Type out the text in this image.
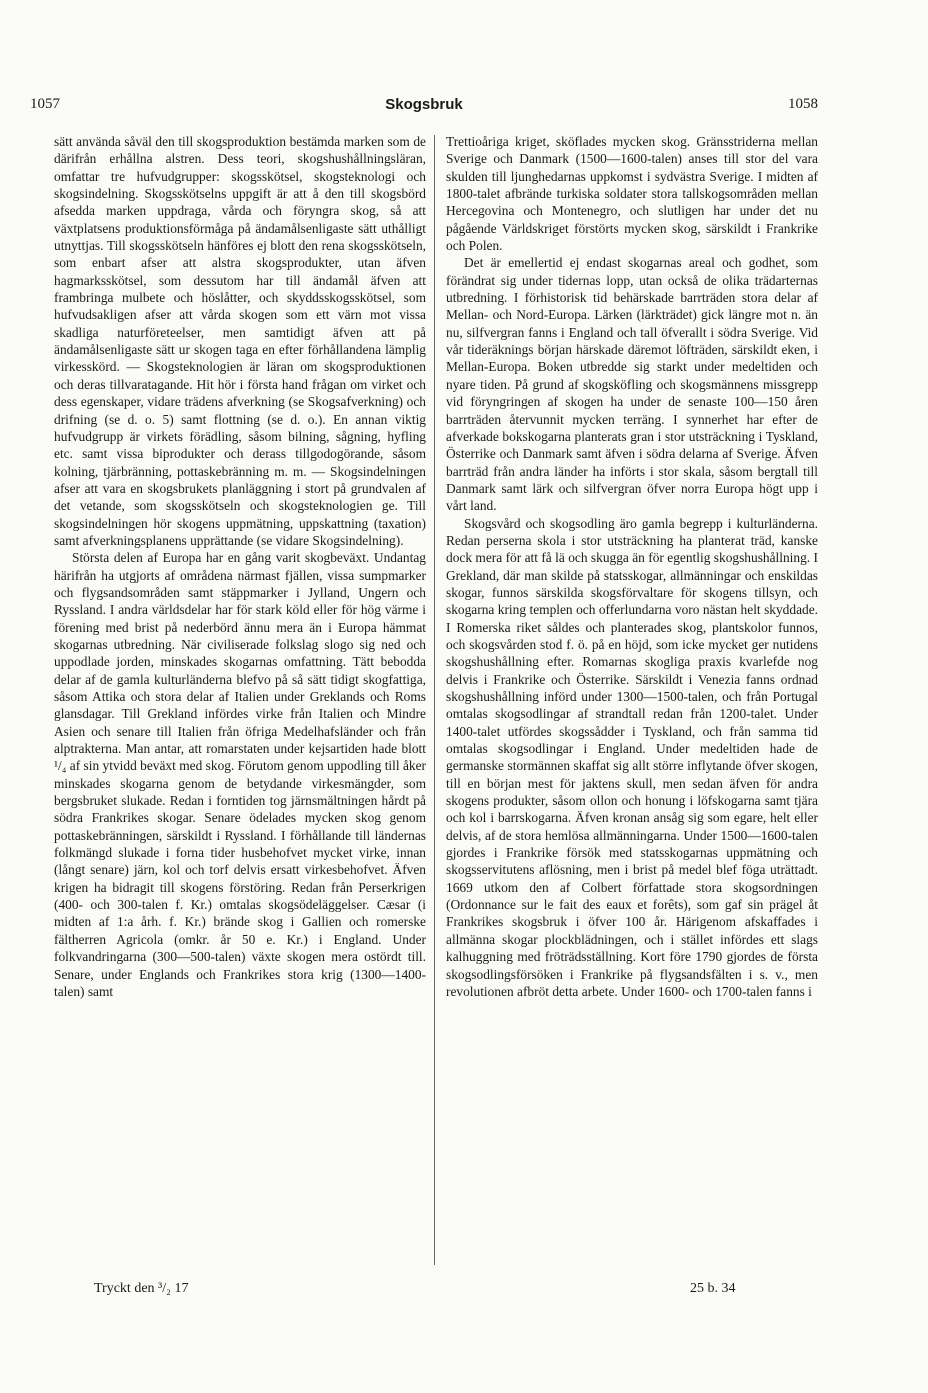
1057	Skogsbruk	1058

sätt använda såväl den till skogsproduktion bestämda marken som de därifrån erhållna alstren. Dess teori, skogshushållningsläran, omfattar tre hufvudgrupper: skogsskötsel, skogsteknologi och skogsindelning. Skogsskötselns uppgift är att å den till skogsbörd afsedda marken uppdraga, vårda och föryngra skog, så att växtplatsens produktionsförmåga på ändamålsenligaste sätt uthålligt utnyttjas. Till skogsskötseln hänföres ej blott den rena skogsskötseln, som enbart afser att alstra skogsprodukter, utan äfven hagmarksskötsel, som dessutom har till ändamål äfven att frambringa mulbete och höslåtter, och skyddsskogsskötsel, som hufvudsakligen afser att vårda skogen som ett värn mot vissa skadliga naturföreteelser, men samtidigt äfven att på ändamålsenligaste sätt ur skogen taga en efter förhållandena lämplig virkesskörd. — Skogsteknologien är läran om skogsproduktionen och deras tillvaratagande. Hit hör i första hand frågan om virket och dess egenskaper, vidare trädens afverkning (se Skogsafverkning) och drifning (se d. o. 5) samt flottning (se d. o.). En annan viktig hufvudgrupp är virkets förädling, såsom bilning, sågning, hyfling etc. samt vissa biprodukter och derass tillgodogörande, såsom kolning, tjärbränning, pottaskebränning m. m. — Skogsindelningen afser att vara en skogsbrukets planläggning i stort på grundvalen af det vetande, som skogsskötseln och skogsteknologien ge. Till skogsindelningen hör skogens uppmätning, uppskattning (taxation) samt afverkningsplanens upprättande (se vidare Skogsindelning).

Största delen af Europa har en gång varit skogbeväxt. Undantag härifrån ha utgjorts af områdena närmast fjällen, vissa sumpmarker och flygsandsområden samt stäppmarker i Jylland, Ungern och Ryssland. I andra världsdelar har för stark köld eller för hög värme i förening med brist på nederbörd ännu mera än i Europa hämmat skogarnas utbredning. När civiliserade folkslag slogo sig ned och uppodlade jorden, minskades skogarnas omfattning. Tätt bebodda delar af de gamla kulturländerna blefvo på så sätt tidigt skogfattiga, såsom Attika och stora delar af Italien under Greklands och Roms glansdagar. Till Grekland infördes virke från Italien och Mindre Asien och senare till Italien från öfriga Medelhafsländer och från alptrakterna. Man antar, att romarstaten under kejsartiden hade blott ¹/₄ af sin ytvidd beväxt med skog. Förutom genom uppodling till åker minskades skogarna genom de betydande virkesmängder, som bergsbruket slukade. Redan i forntiden tog järnsmältningen hårdt på södra Frankrikes skogar. Senare ödelades mycken skog genom pottaskebränningen, särskildt i Ryssland. I förhållande till ländernas folkmängd slukade i forna tider husbehofvet mycket virke, innan (långt senare) järn, kol och torf delvis ersatt virkesbehofvet. Äfven krigen ha bidragit till skogens förstöring. Redan från Perserkrigen (400- och 300-talen f. Kr.) omtalas skogsödeläggelser. Cæsar (i midten af 1:a årh. f. Kr.) brände skog i Gallien och romerske fältherren Agricola (omkr. år 50 e. Kr.) i England. Under folkvandringarna (300—500-talen) växte skogen mera ostördt till. Senare, under Englands och Frankrikes stora krig (1300—1400-talen) samt

Trettioåriga kriget, sköflades mycken skog. Gränsstriderna mellan Sverige och Danmark (1500—1600-talen) anses till stor del vara skulden till ljunghedarnas uppkomst i sydvästra Sverige. I midten af 1800-talet afbrände turkiska soldater stora tallskogsområden mellan Hercegovina och Montenegro, och slutligen har under det nu pågående Världskriget förstörts mycken skog, särskildt i Frankrike och Polen.

Det är emellertid ej endast skogarnas areal och godhet, som förändrat sig under tidernas lopp, utan också de olika trädarternas utbredning. I förhistorisk tid behärskade barrträden stora delar af Mellan- och Nord-Europa. Lärken (lärkträdet) gick längre mot n. än nu, silfvergran fanns i England och tall öfverallt i södra Sverige. Vid vår tideräknings början härskade däremot löfträden, särskildt eken, i Mellan-Europa. Boken utbredde sig starkt under medeltiden och nyare tiden. På grund af skogsköfling och skogsmännens missgrepp vid föryngringen af skogen ha under de senaste 100—150 åren barrträden återvunnit mycken terräng. I synnerhet har efter de afverkade bokskogarna planterats gran i stor utsträckning i Tyskland, Österrike och Danmark samt äfven i södra delarna af Sverige. Äfven barrträd från andra länder ha införts i stor skala, såsom bergtall till Danmark samt lärk och silfvergran öfver norra Europa högt upp i vårt land.

Skogsvård och skogsodling äro gamla begrepp i kulturländerna. Redan perserna skola i stor utsträckning ha planterat träd, kanske dock mera för att få lä och skugga än för egentlig skogshushållning. I Grekland, där man skilde på statsskogar, allmänningar och enskildas skogar, funnos särskilda skogsförvaltare för skogens tillsyn, och skogarna kring templen och offerlundarna voro nästan helt skyddade. I Romerska riket såldes och planterades skog, plantskolor funnos, och skogsvården stod f. ö. på en höjd, som icke mycket ger nutidens skogshushållning efter. Romarnas skogliga praxis kvarlefde nog delvis i Frankrike och Österrike. Särskildt i Venezia fanns ordnad skogshushållning införd under 1300—1500-talen, och från Portugal omtalas skogsodlingar af strandtall redan från 1200-talet. Under 1400-talet utfördes skogssådder i Tyskland, och från samma tid omtalas skogsodlingar i England. Under medeltiden hade de germanske stormännen skaffat sig allt större inflytande öfver skogen, till en början mest för jaktens skull, men sedan äfven för andra skogens produkter, såsom ollon och honung i löfskogarna samt tjära och kol i barrskogarna. Äfven kronan ansåg sig som egare, helt eller delvis, af de stora hemlösa allmänningarna. Under 1500—1600-talen gjordes i Frankrike försök med statsskogarnas uppmätning och skogsservitutens aflösning, men i brist på medel blef föga uträttadt. 1669 utkom den af Colbert författade stora skogsordningen (Ordonnance sur le fait des eaux et forêts), som gaf sin prägel åt Frankrikes skogsbruk i öfver 100 år. Härigenom afskaffades i allmänna skogar plockblädningen, och i stället infördes ett slags kalhuggning med fröträdsställning. Kort före 1790 gjordes de första skogsodlingsförsöken i Frankrike på flygsandsfälten i s. v., men revolutionen afbröt detta arbete. Under 1600- och 1700-talen fanns i

Tryckt den ³/₂ 17	25 b. 34
